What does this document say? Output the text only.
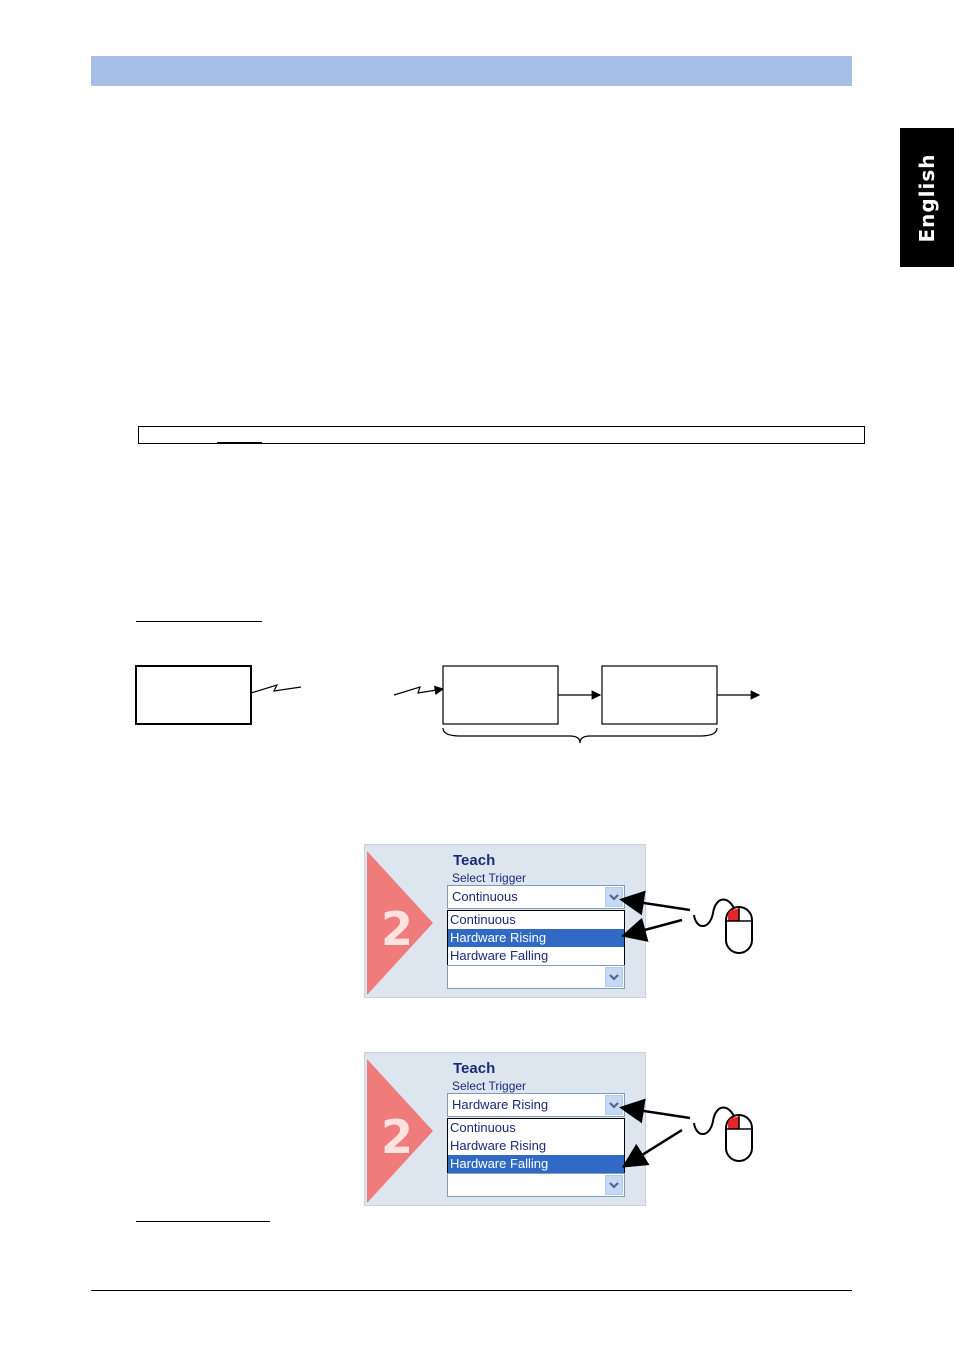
English
2
Teach
Select Trigger
Continuous
Continuous
Hardware Rising
Hardware Falling
2
Teach
Select Trigger
Hardware Rising
Continuous
Hardware Rising
Hardware Falling
